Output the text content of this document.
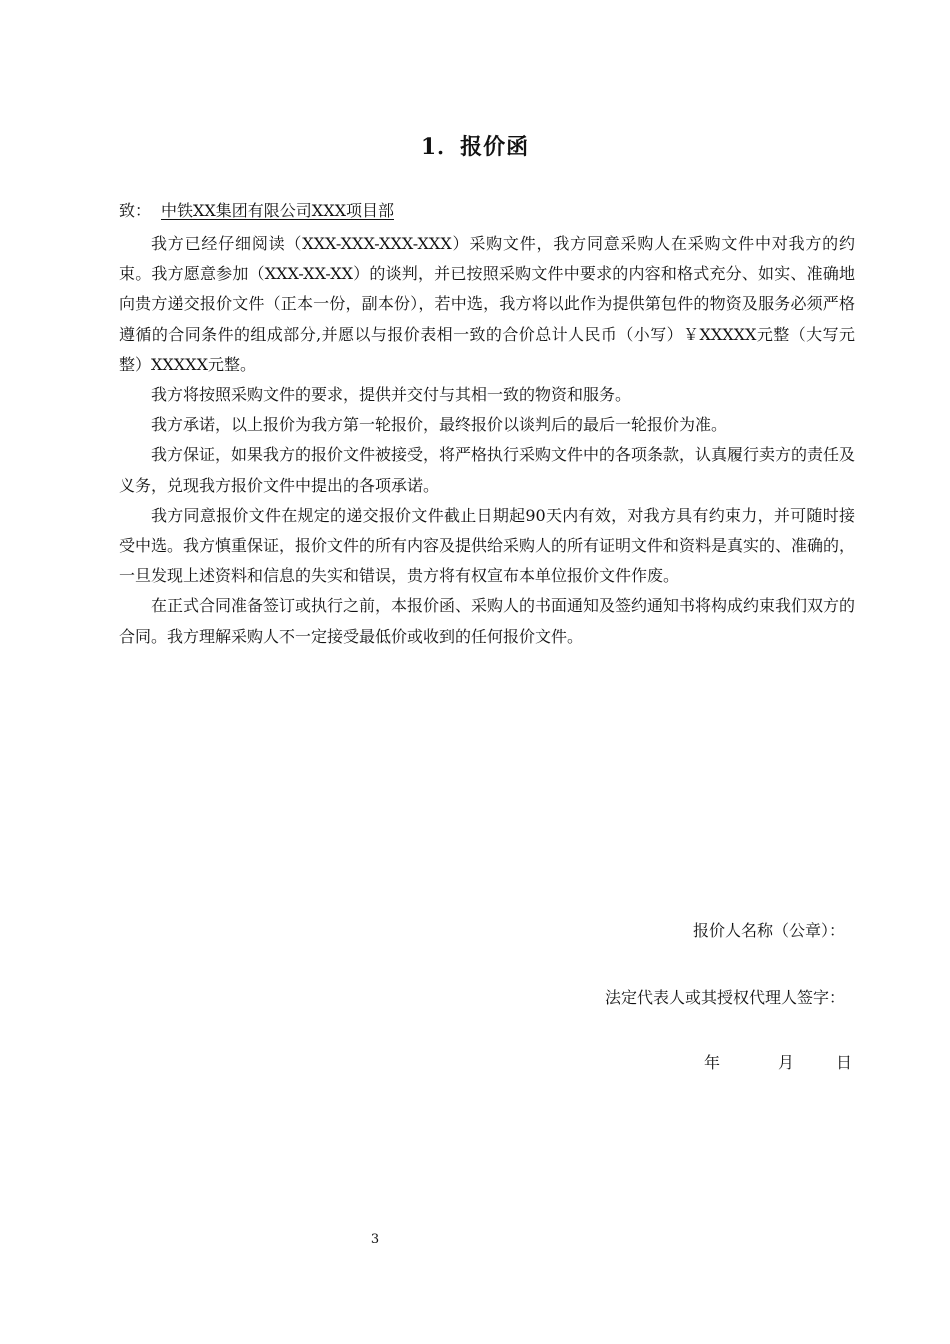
1．报价函
致： 中铁XX集团有限公司XXX项目部

我方已经仔细阅读（XXX-XXX-XXX-XXX）采购文件，我方同意采购人在采购文件中对我方的约束。我方愿意参加（XXX-XX-XX）的谈判，并已按照采购文件中要求的内容和格式充分、如实、准确地向贵方递交报价文件（正本一份，副本份），若中选，我方将以此作为提供第包件的物资及服务必须严格遵循的合同条件的组成部分,并愿以与报价表相一致的合价总计人民币（小写）￥XXXXX元整（大写元整）XXXXX元整。

我方将按照采购文件的要求，提供并交付与其相一致的物资和服务。

我方承诺，以上报价为我方第一轮报价，最终报价以谈判后的最后一轮报价为准。

我方保证，如果我方的报价文件被接受，将严格执行采购文件中的各项条款，认真履行卖方的责任及义务，兑现我方报价文件中提出的各项承诺。

我方同意报价文件在规定的递交报价文件截止日期起90天内有效，对我方具有约束力，并可随时接受中选。我方慎重保证，报价文件的所有内容及提供给采购人的所有证明文件和资料是真实的、准确的，一旦发现上述资料和信息的失实和错误，贵方将有权宣布本单位报价文件作废。

在正式合同准备签订或执行之前，本报价函、采购人的书面通知及签约通知书将构成约束我们双方的合同。我方理解采购人不一定接受最低价或收到的任何报价文件。

报价人名称（公章）：
法定代表人或其授权代理人签字：
年	月	日
3
